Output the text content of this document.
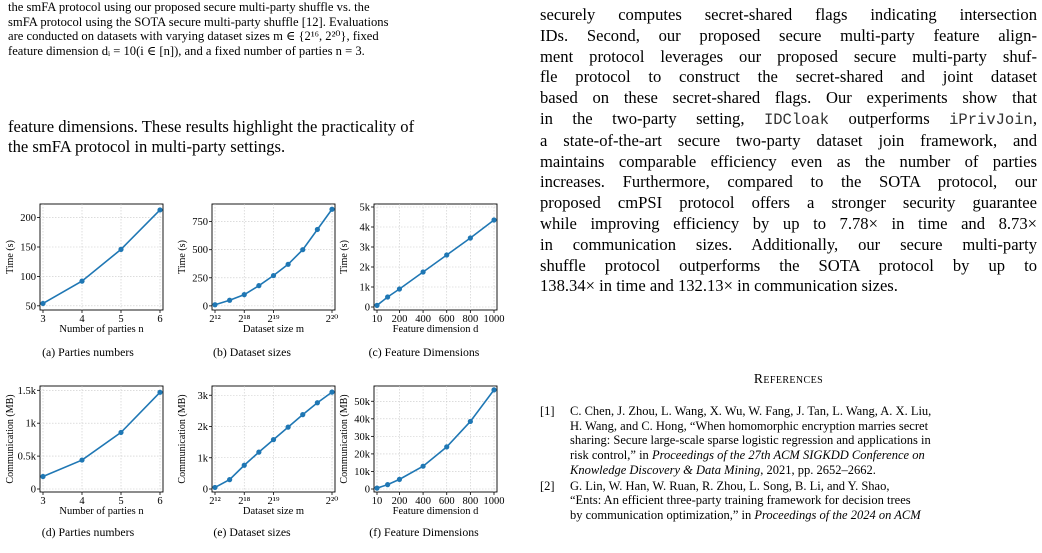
the smFA protocol using our proposed secure multi-party shuffle vs. the
smFA protocol using the SOTA secure multi-party shuffle [12]. Evaluations
are conducted on datasets with varying dataset sizes m ∈ {2¹⁶, 2²⁰}, fixed
feature dimension dᵢ = 10(i ∈ [n]), and a fixed number of parties n = 3.
feature dimensions. These results highlight the practicality of
the smFA protocol in multi-party settings.
50
100
150
200
3	4	5	6
Number of parties n
Time (s)
0
250
500
750
2¹² 2¹⁸ 2¹⁹	2²⁰
Dataset size m
Time (s)
0
1k
2k
3k
4k
5k
10 200 400 600 800 1000
Feature dimension d
Time (s)
0
0.5k
1k
1.5k
3	4	5	6
Number of parties n
Communication (MB)
0
1k
2k
3k
2¹² 2¹⁸ 2¹⁹	2²⁰
Dataset size m
Communication (MB)
0
10k
20k
30k
40k
50k
10 200 400 600 800 1000
Feature dimension d
Communication (MB)
(a) Parties numbers	(b) Dataset sizes	(c) Feature Dimensions
(d) Parties numbers	(e) Dataset sizes	(f) Feature Dimensions
securely computes secret-shared flags indicating intersection
IDs. Second, our proposed secure multi-party feature align-
ment protocol leverages our proposed secure multi-party shuf-
fle protocol to construct the secret-shared and joint dataset
based on these secret-shared flags. Our experiments show that
in the two-party setting, IDCloak outperforms iPrivJoin,
a state-of-the-art secure two-party dataset join framework, and
maintains comparable efficiency even as the number of parties
increases. Furthermore, compared to the SOTA protocol, our
proposed cmPSI protocol offers a stronger security guarantee
while improving efficiency by up to 7.78× in time and 8.73×
in communication sizes. Additionally, our secure multi-party
shuffle protocol outperforms the SOTA protocol by up to
138.34× in time and 132.13× in communication sizes.
References
[1] C. Chen, J. Zhou, L. Wang, X. Wu, W. Fang, J. Tan, L. Wang, A. X. Liu,
H. Wang, and C. Hong, “When homomorphic encryption marries secret
sharing: Secure large-scale sparse logistic regression and applications in
risk control,” in Proceedings of the 27th ACM SIGKDD Conference on
Knowledge Discovery & Data Mining, 2021, pp. 2652–2662.
[2] G. Lin, W. Han, W. Ruan, R. Zhou, L. Song, B. Li, and Y. Shao,
“Ents: An efficient three-party training framework for decision trees
by communication optimization,” in Proceedings of the 2024 on ACM
